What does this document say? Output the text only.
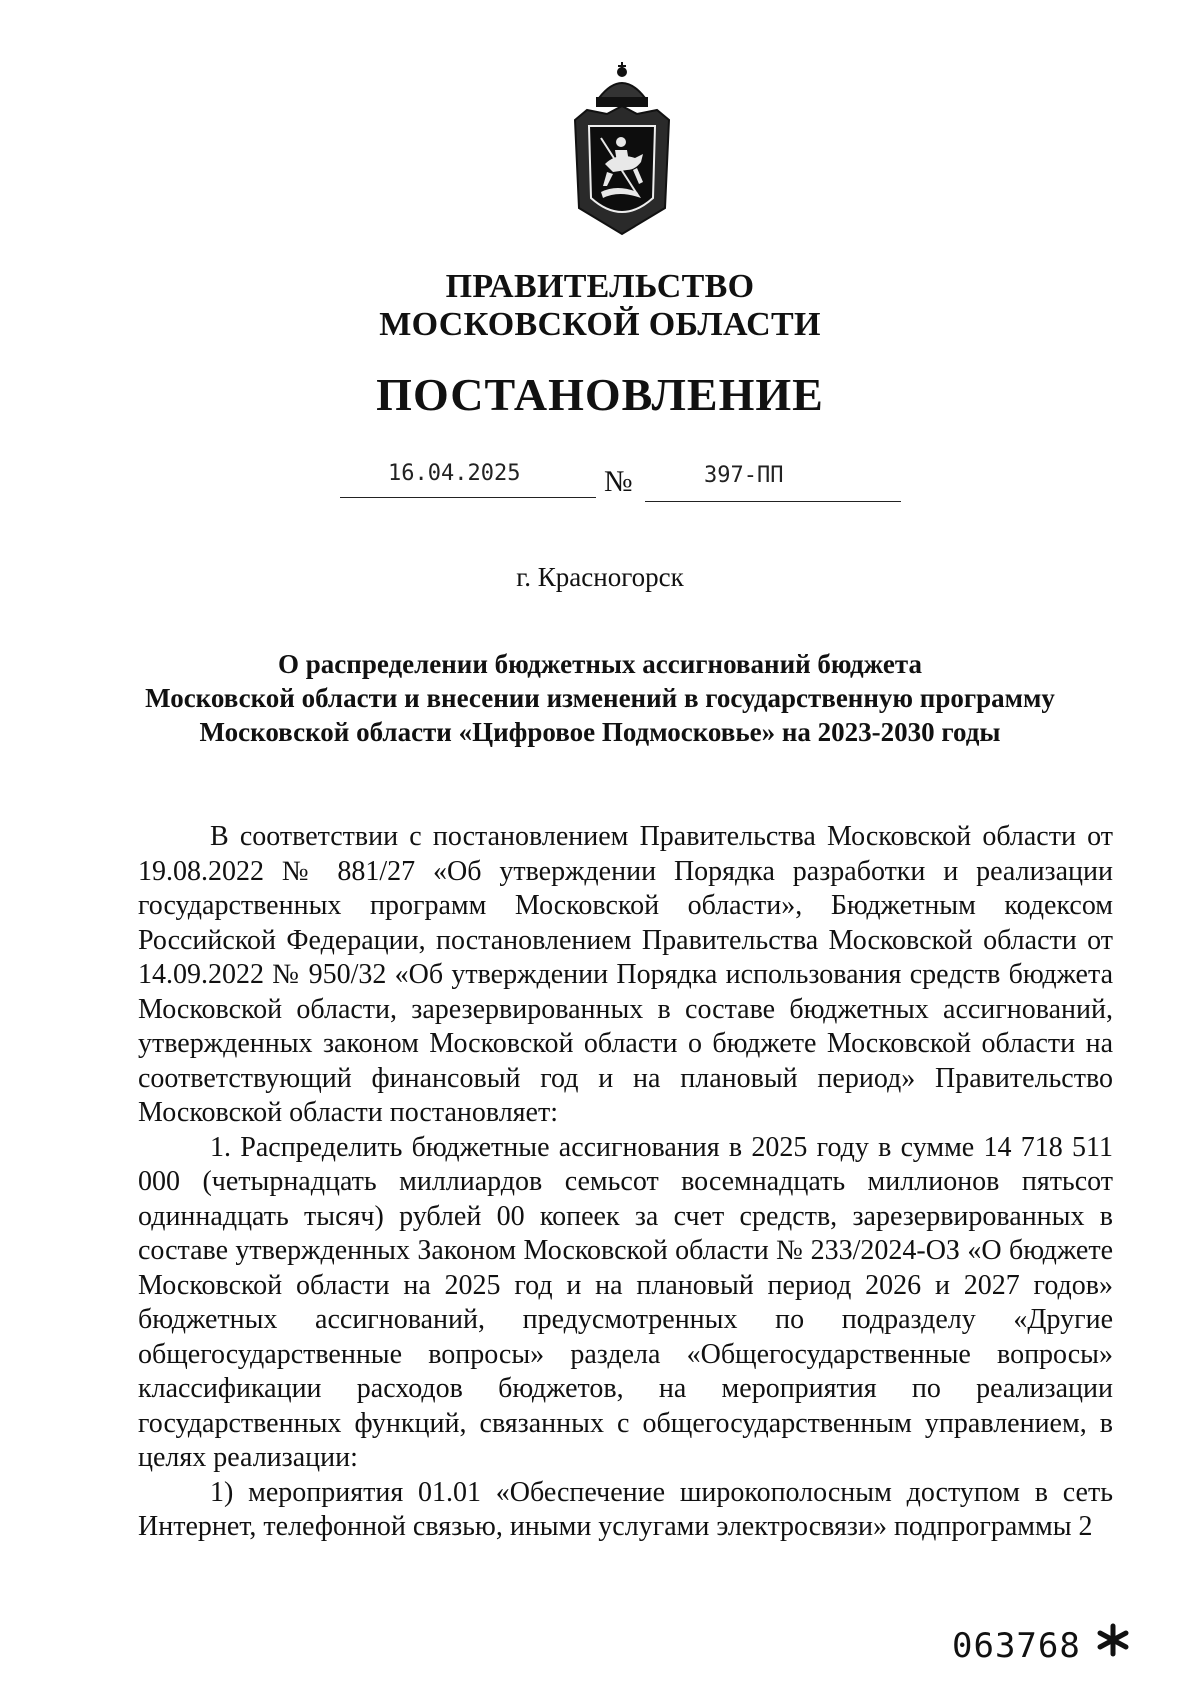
ПРАВИТЕЛЬСТВО
МОСКОВСКОЙ ОБЛАСТИ
ПОСТАНОВЛЕНИЕ
16.04.2025	№	397-ПП
г. Красногорск
О распределении бюджетных ассигнований бюджета
Московской области и внесении изменений в государственную программу
Московской области «Цифровое Подмосковье» на 2023-2030 годы

В соответствии с постановлением Правительства Московской области от 19.08.2022 № 881/27 «Об утверждении Порядка разработки и реализации государственных программ Московской области», Бюджетным кодексом Российской Федерации, постановлением Правительства Московской области от 14.09.2022 № 950/32 «Об утверждении Порядка использования средств бюджета Московской области, зарезервированных в составе бюджетных ассигнований, утвержденных законом Московской области о бюджете Московской области на соответствующий финансовый год и на плановый период» Правительство Московской области постановляет:

1. Распределить бюджетные ассигнования в 2025 году в сумме 14 718 511 000 (четырнадцать миллиардов семьсот восемнадцать миллионов пятьсот одиннадцать тысяч) рублей 00 копеек за счет средств, зарезервированных в составе утвержденных Законом Московской области № 233/2024-ОЗ «О бюджете Московской области на 2025 год и на плановый период 2026 и 2027 годов» бюджетных ассигнований, предусмотренных по подразделу «Другие общегосударственные вопросы» раздела «Общегосударственные вопросы» классификации расходов бюджетов, на мероприятия по реализации государственных функций, связанных с общегосударственным управлением, в целях реализации:

1) мероприятия 01.01 «Обеспечение широкополосным доступом в сеть Интернет, телефонной связью, иными услугами электросвязи» подпрограммы 2

063768
